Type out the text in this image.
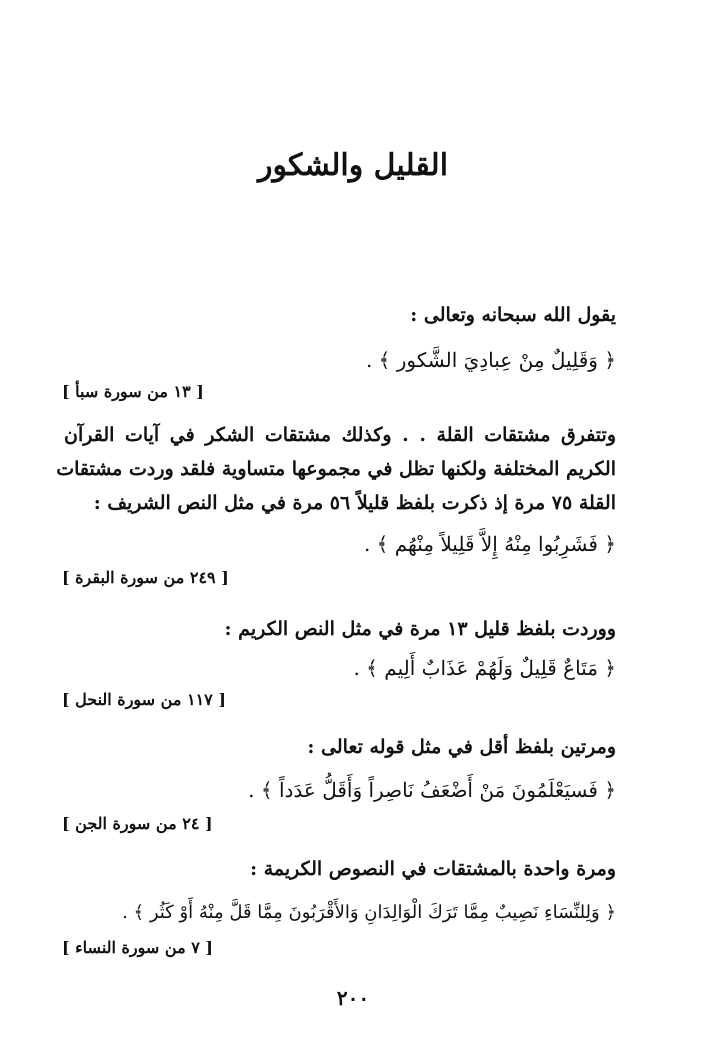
القليل والشكور
يقول الله سبحانه وتعالى :
﴿ وَقَلِيلٌ مِنْ عِبادِيَ الشَّكور ﴾ .
[ ١٣ من سورة سبأ ]
وتتفرق مشتقات القلة . . وكذلك مشتقات الشكر في آيات القرآن
الكريم المختلفة ولكنها تظل في مجموعها متساوية فلقد وردت مشتقات
القلة ٧٥ مرة إذ ذكرت بلفظ قليلاً ٥٦ مرة في مثل النص الشريف :
﴿ فَشَرِبُوا مِنْهُ إِلاَّ قَلِيلاً مِنْهُم ﴾ .
[ ٢٤٩ من سورة البقرة ]
ووردت بلفظ قليل ١٣ مرة في مثل النص الكريم :
﴿ مَتَاعٌ قَلِيلٌ وَلَهُمْ عَذَابٌ أَلِيم ﴾ .
[ ١١٧ من سورة النحل ]
ومرتين بلفظ أقل في مثل قوله تعالى :
﴿ فَسيَعْلَمُونَ مَنْ أَضْعَفُ نَاصِراً وَأَقَلُّ عَدَداً ﴾ .
[ ٢٤ من سورة الجن ]
ومرة واحدة بالمشتقات في النصوص الكريمة :
﴿ وَلِلنِّسَاءِ نَصِيبٌ مِمَّا تَرَكَ الْوَالِدَانِ وَالأَقْرَبُونَ مِمَّا قَلَّ مِنْهُ أَوْ كَثُر ﴾ .
[ ٧ من سورة النساء ]
٢٠٠
